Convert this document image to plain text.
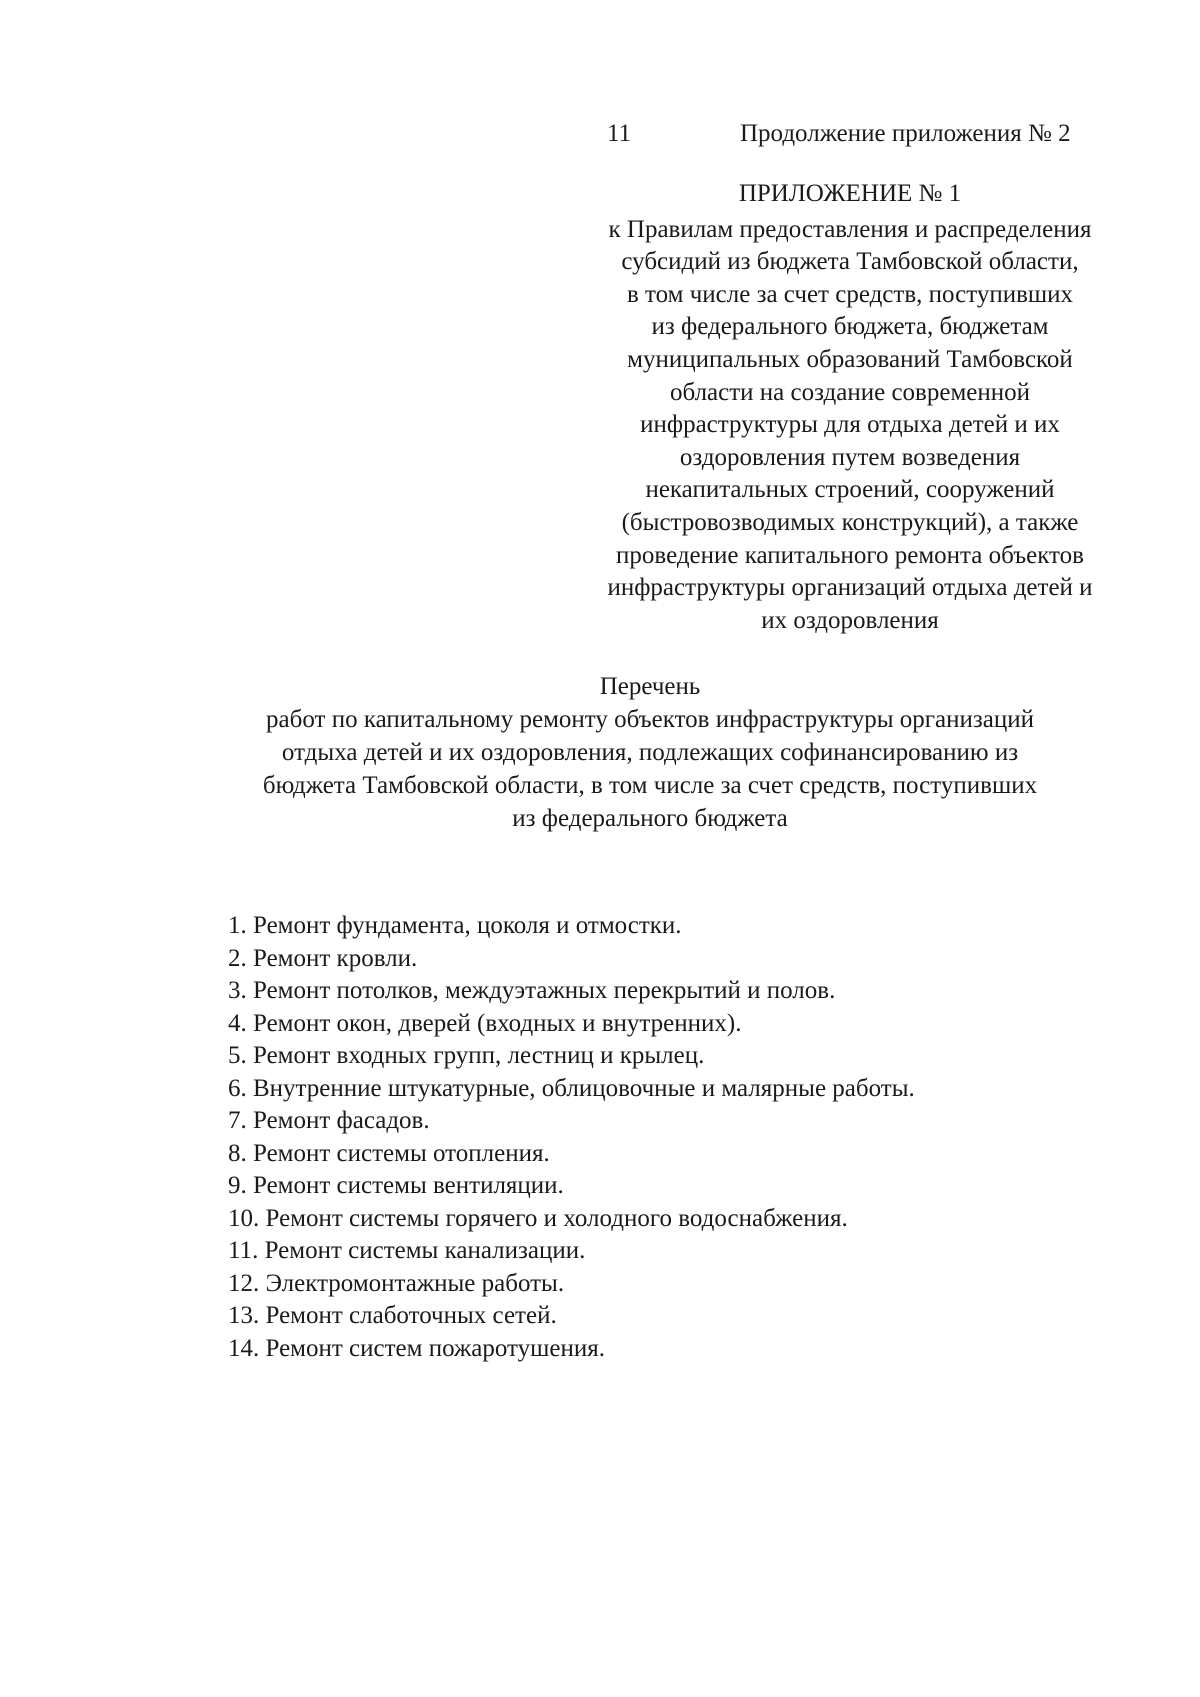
11	Продолжение приложения № 2
ПРИЛОЖЕНИЕ № 1
к Правилам предоставления и распределения
субсидий из бюджета Тамбовской области,
в том числе за счет средств, поступивших
из федерального бюджета, бюджетам
муниципальных образований Тамбовской
области на создание современной
инфраструктуры для отдыха детей и их
оздоровления путем возведения
некапитальных строений, сооружений
(быстровозводимых конструкций), а также
проведение капитального ремонта объектов
инфраструктуры организаций отдыха детей и
их оздоровления
Перечень
работ по капитальному ремонту объектов инфраструктуры организаций
отдыха детей и их оздоровления, подлежащих софинансированию из
бюджета Тамбовской области, в том числе за счет средств, поступивших
из федерального бюджета
1. Ремонт фундамента, цоколя и отмостки.
2. Ремонт кровли.
3. Ремонт потолков, междуэтажных перекрытий и полов.
4. Ремонт окон, дверей (входных и внутренних).
5. Ремонт входных групп, лестниц и крылец.
6. Внутренние штукатурные, облицовочные и малярные работы.
7. Ремонт фасадов.
8. Ремонт системы отопления.
9. Ремонт системы вентиляции.
10. Ремонт системы горячего и холодного водоснабжения.
11. Ремонт системы канализации.
12. Электромонтажные работы.
13. Ремонт слаботочных сетей.
14. Ремонт систем пожаротушения.
